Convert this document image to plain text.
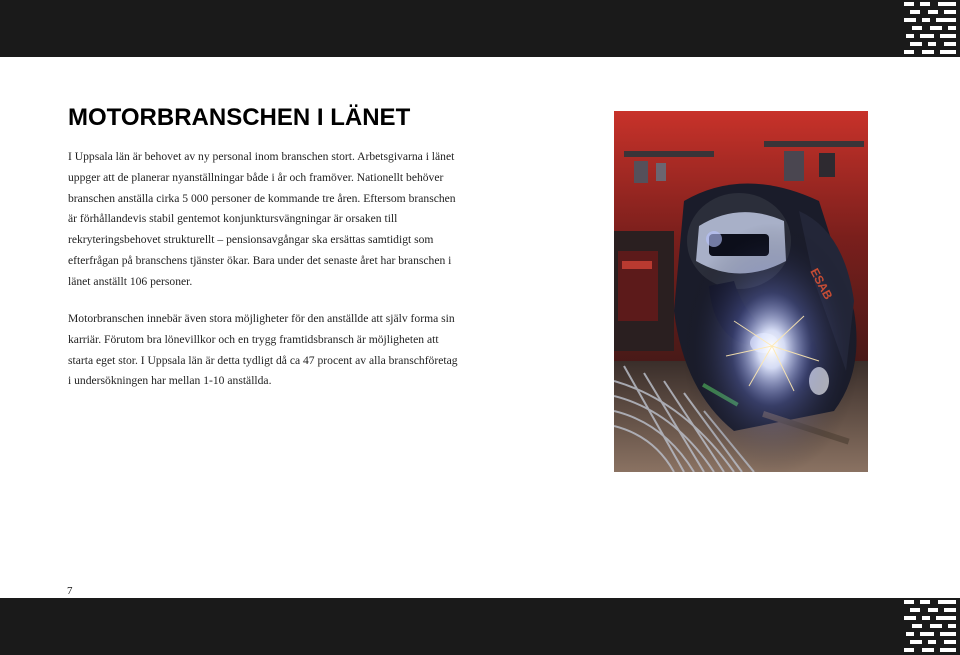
MOTORBRANSCHEN I LÄNET
I Uppsala län är behovet av ny personal inom branschen stort. Arbetsgivarna i länet
uppger att de planerar nyanställningar både i år och framöver. Nationellt behöver
branschen anställa cirka 5 000 personer de kommande tre åren. Eftersom branschen
är förhållandevis stabil gentemot konjunktursvängningar är orsaken till
rekryteringsbehovet strukturellt – pensionsavgångar ska ersättas samtidigt som
efterfrågan på branschens tjänster ökar. Bara under det senaste året har branschen i
länet anställt 106 personer.
Motorbranschen innebär även stora möjligheter för den anställde att själv forma sin
karriär. Förutom bra lönevillkor och en trygg framtidsbransch är möjligheten att
starta eget stor. I Uppsala län är detta tydligt då ca 47 procent av alla branschföretag
i undersökningen har mellan 1-10 anställda.
7
